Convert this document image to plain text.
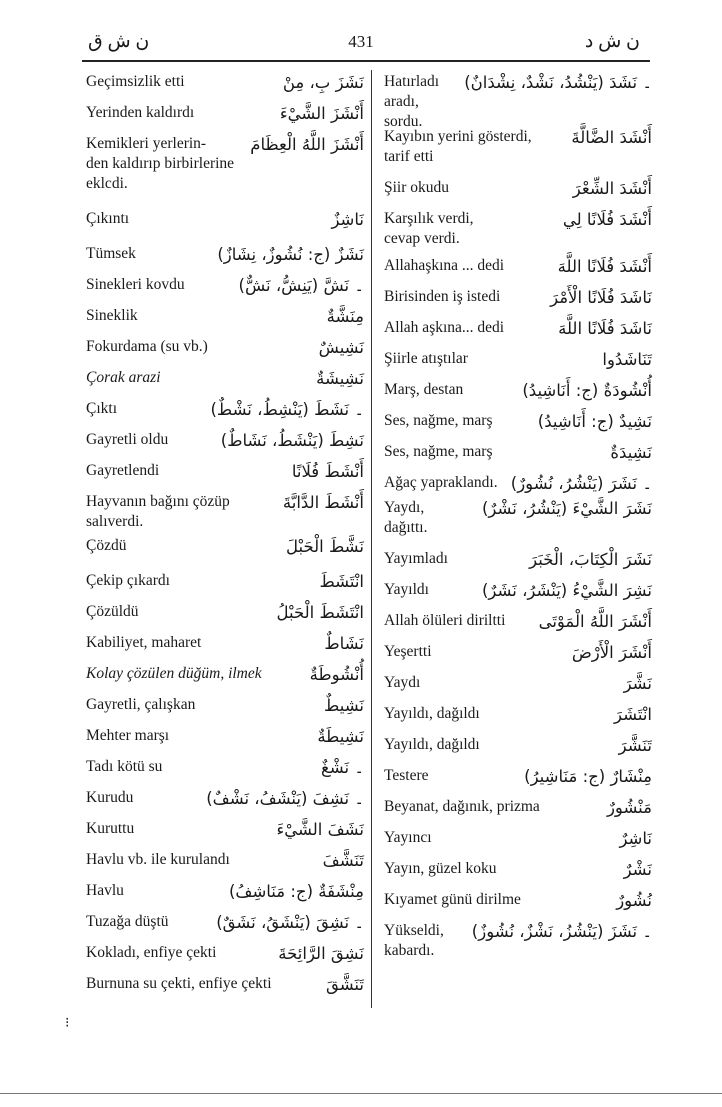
ن ش ق	431	ن ش د
Geçimsizlik etti	نَشَزَ بِ، مِنْ
Yerinden kaldırdı	أَنْشَزَ الشَّيْءَ
Kemikleri yerlerin-
den kaldırıp birbirlerine
eklcdi.
أَنْشَزَ اللَّهُ الْعِظَامَ
Çıkıntı	نَاشِزٌ
Tümsek	نَشَزٌ (ج: نُشُوزٌ، نِشَازٌ)
Sinekleri kovdu	۔ نَشَّ (يَنِشُّ، نَشٌّ)
Sineklik	مِنَشَّةٌ
Fokurdama (su vb.)	نَشِيشٌ
Çorak arazi	نَشِيشَةٌ
Çıktı	۔ نَشَطَ (يَنْشِطُ، نَشْطٌ)
Gayretli oldu	نَشِطَ (يَنْشَطُ، نَشَاطٌ)
Gayretlendi	أَنْشَطَ فُلَانًا
Hayvanın bağını çözüp
salıverdi.
أَنْشَطَ الدَّابَّةَ
Çözdü	نَشَّطَ الْحَبْلَ
Çekip çıkardı	انْتَشَطَ
Çözüldü	انْتَشَطَ الْحَبْلُ
Kabiliyet, maharet	نَشَاطٌ
Kolay çözülen düğüm, ilmek	أُنْشُوطَةٌ
Gayretli, çalışkan	نَشِيطٌ
Mehter marşı	نَشِيطَةٌ
Tadı kötü su	۔ نَشْغٌ
Kurudu	۔ نَشِفَ (يَنْشَفُ، نَشْفٌ)
Kuruttu	نَشَفَ الشَّيْءَ
Havlu vb. ile kurulandı	تَنَشَّفَ
Havlu	مِنْشَفَةٌ (ج: مَنَاشِفُ)
Tuzağa düştü	۔ نَشِقَ (يَنْشَقُ، نَشَقٌ)
Kokladı, enfiye çekti	نَشِقَ الرَّائِحَةَ
Burnuna su çekti, enfiye çekti	تَنَشَّقَ
Hatırladı
aradı, sordu.
۔ نَشَدَ (يَنْشُدُ، نَشْدٌ، نِشْدَانٌ)
Kayıbın yerini gösterdi,
tarif etti
أَنْشَدَ الضَّالَّةَ
Şiir okudu	أَنْشَدَ الشِّعْرَ
Karşılık verdi,
cevap verdi.
أَنْشَدَ فُلَانًا لِي
Allahaşkına ... dedi	أَنْشَدَ فُلَانًا اللَّهَ
Birisinden iş istedi	نَاشَدَ فُلَانًا الْأَمْرَ
Allah aşkına... dedi	نَاشَدَ فُلَانًا اللَّهَ
Şiirle atıştılar	تَنَاشَدُوا
Marş, destan	أُنْشُودَةٌ (ج: أَنَاشِيدُ)
Ses, nağme, marş	نَشِيدٌ (ج: أَنَاشِيدُ)
Ses, nağme, marş	نَشِيدَةٌ
Ağaç yapraklandı. ۔ نَشَرَ (يَنْشُرُ، نُشُورٌ)
Yaydı,
dağıttı.
نَشَرَ الشَّيْءَ (يَنْشُرُ، نَشْرٌ)
Yayımladı	نَشَرَ الْكِتَابَ، الْخَبَرَ
Yayıldı	نَشِرَ الشَّيْءُ (يَنْشَرُ، نَشَرٌ)
Allah ölüleri diriltti	أَنْشَرَ اللَّهُ الْمَوْتَى
Yeşertti	أَنْشَرَ الْأَرْضَ
Yaydı	نَشَّرَ
Yayıldı, dağıldı	انْتَشَرَ
Yayıldı, dağıldı	تَنَشَّرَ
Testere	مِنْشَارٌ (ج: مَنَاشِيرُ)
Beyanat, dağınık, prizma	مَنْشُورٌ
Yayıncı	نَاشِرٌ
Yayın, güzel koku	نَشْرٌ
Kıyamet günü dirilme	نُشُورٌ
Yükseldi,
kabardı.
۔ نَشَزَ (يَنْشُزُ، نَشْزٌ، نُشُوزٌ)
⁝
